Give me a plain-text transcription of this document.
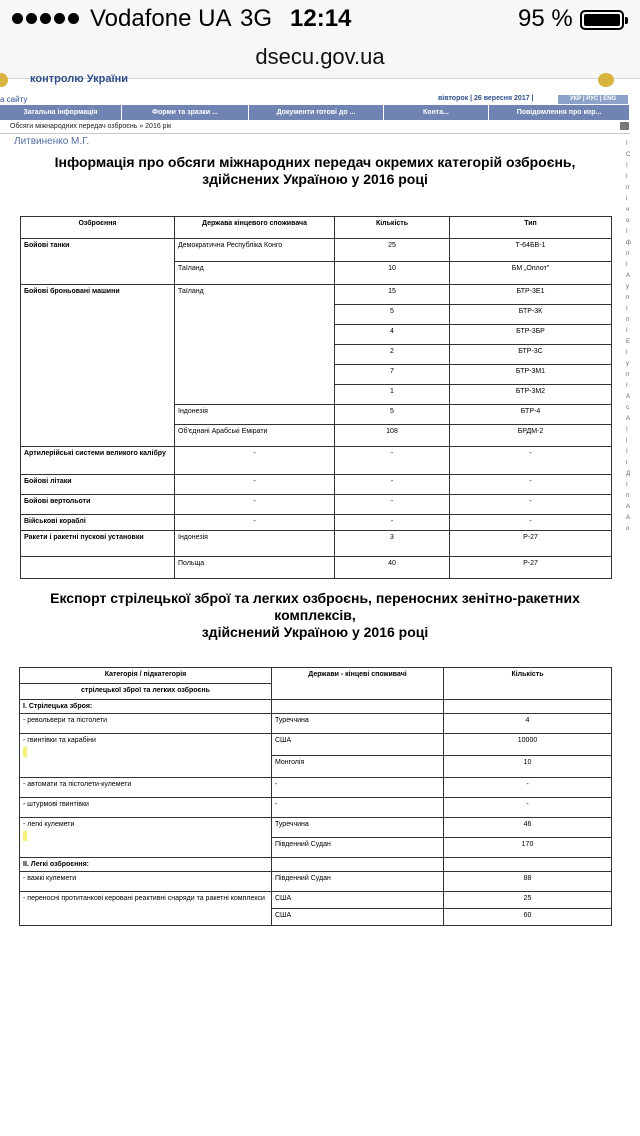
Vodafone UA 3G 12:14	95 %
dsecu.gov.ua
контролю України
а сайту	вівторок | 26 вересня 2017 |	УКР | РУС | ENG
Загальна інформація	Форми та зразки ...	Документи готові до ...	Конта...	Повідомлення про кор...
Обсяги міжнародних передач озброєнь » 2016 рік
Литвиненко М.Г.	І
С
І
І
п
і
ч
о
І
ф
п
І
А
у
п
І
п
І
Е
І
у
п
І
А
с
А
І
і
І
г
Д
І
п
А
А
о
Інформація про обсяги міжнародних передач окремих категорій озброєнь, здійснених Україною у 2016 році
Озброєння	Держава кінцевого споживача	Кількість	Тип
Бойові танки	Демократична Республіка Конго	25	Т-64БВ-1
	Таїланд	10	БМ „Оплот"
Бойові броньовані машини	Таїланд	15	БТР-3Е1
		5	БТР-3К
		4	БТР-3БР
		2	БТР-3С
		7	БТР-3М1
		1	БТР-3М2
	Індонезія	5	БТР-4
	Об'єднані Арабські Емірати	108	БРДМ-2
Артилерійські системи великого калібру	-	-	-
Бойові літаки	-	-	-
Бойові вертольоти	-	-	-
Військові кораблі	-	-	-
Ракети і ракетні пускові установки	Індонезія	3	Р-27
	Польща	40	Р-27
Експорт стрілецької зброї та легких озброєнь, переносних зенітно-ракетних
комплексів,
здійснений Україною у 2016 році
Категорія / підкатегорія	Держави - кінцеві споживачі	Кількість
стрілецької зброї та легких озброєнь		
І. Стрілецька зброя:		
- револьвери та пістолети	Туреччина	4
- гвинтівки та карабіни	США	10000
	Монголія	10
- автомати та пістолети-кулемети	-	-
- штурмові гвинтівки	-	-
- легкі кулемети	Туреччина	46
	Південний Судан	170
ІІ. Легкі озброєння:		
- важкі кулемети	Південний Судан	88
- переносні протитанкові керовані реактивні снаряди та ракетні комплекси	США	25
	США	60
